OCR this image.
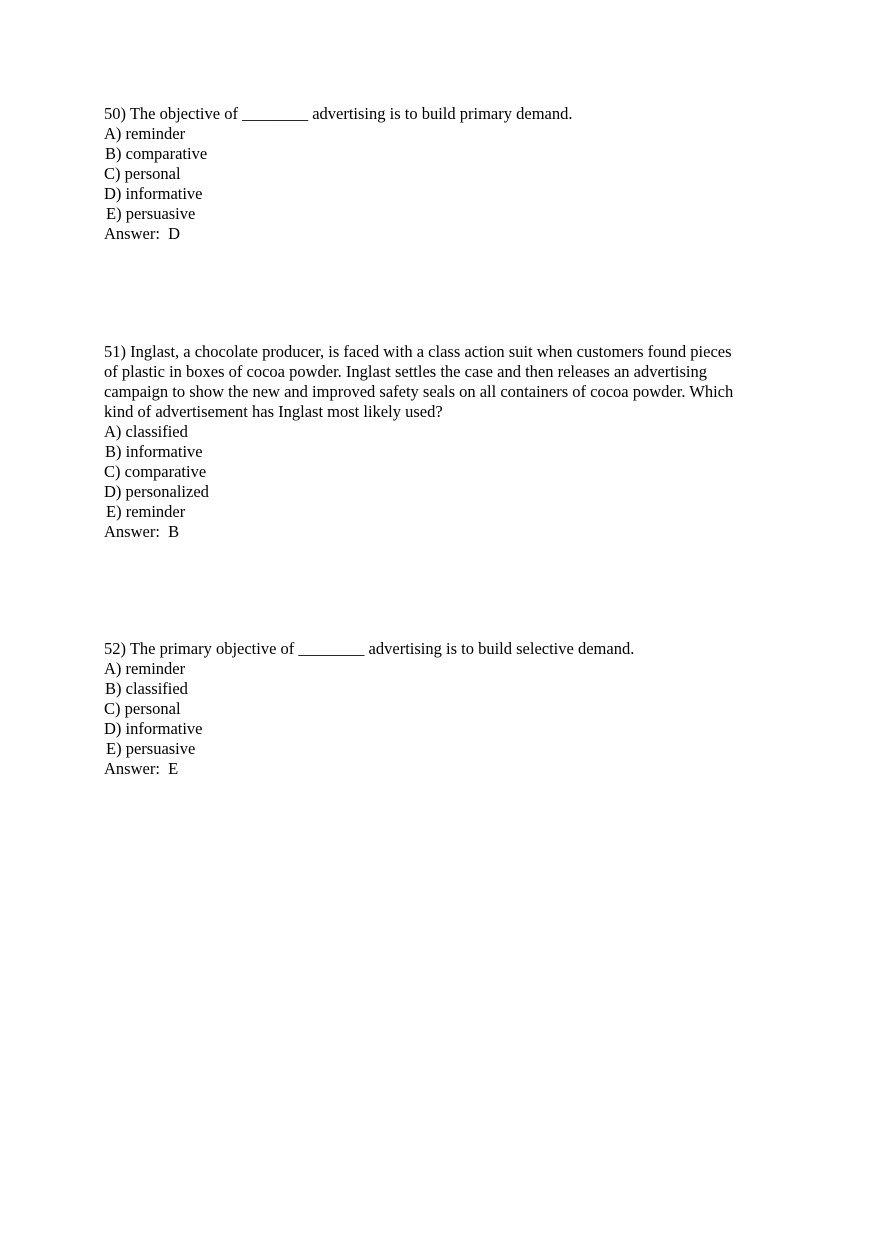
50) The objective of ________ advertising is to build primary demand.
A) reminder
B) comparative
C) personal
D) informative
E) persuasive
Answer:  D
51) Inglast, a chocolate producer, is faced with a class action suit when customers found pieces
of plastic in boxes of cocoa powder. Inglast settles the case and then releases an advertising
campaign to show the new and improved safety seals on all containers of cocoa powder. Which
kind of advertisement has Inglast most likely used?
A) classified
B) informative
C) comparative
D) personalized
E) reminder
Answer:  B
52) The primary objective of ________ advertising is to build selective demand.
A) reminder
B) classified
C) personal
D) informative
E) persuasive
Answer:  E
